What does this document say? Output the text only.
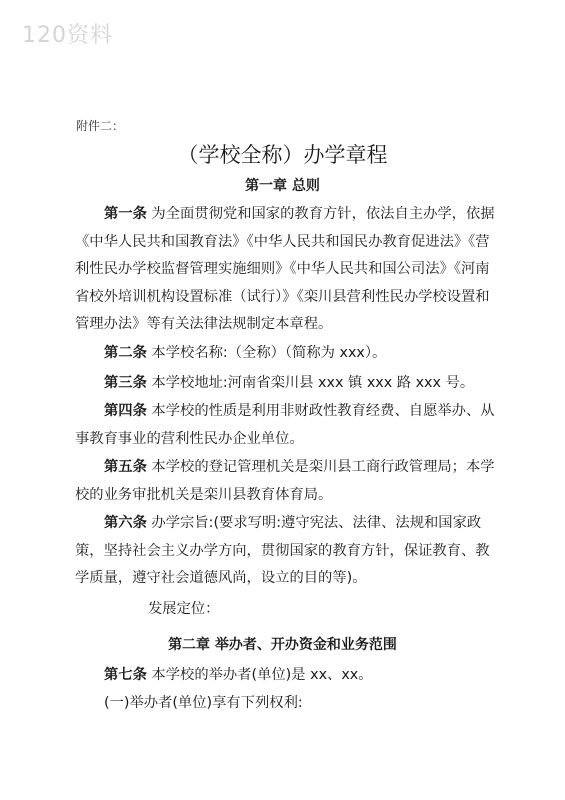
120资料
附件二：
（学校全称）办学章程
第一章 总则

第一条 为全面贯彻党和国家的教育方针，依法自主办学，依据《中华人民共和国教育法》《中华人民共和国民办教育促进法》《营利性民办学校监督管理实施细则》《中华人民共和国公司法》《河南省校外培训机构设置标准（试行）》《栾川县营利性民办学校设置和管理办法》等有关法律法规制定本章程。

第二条 本学校名称:（全称）（简称为 xxx）。

第三条 本学校地址:河南省栾川县 xxx 镇 xxx 路 xxx 号。

第四条 本学校的性质是利用非财政性教育经费、自愿举办、从事教育事业的营利性民办企业单位。

第五条 本学校的登记管理机关是栾川县工商行政管理局；本学校的业务审批机关是栾川县教育体育局。

第六条 办学宗旨:(要求写明:遵守宪法、法律、法规和国家政策，坚持社会主义办学方向，贯彻国家的教育方针，保证教育、教学质量，遵守社会道德风尚，设立的目的等)。

发展定位：
第二章 举办者、开办资金和业务范围

第七条 本学校的举办者(单位)是 xx、xx。

(一)举办者(单位)享有下列权利:
